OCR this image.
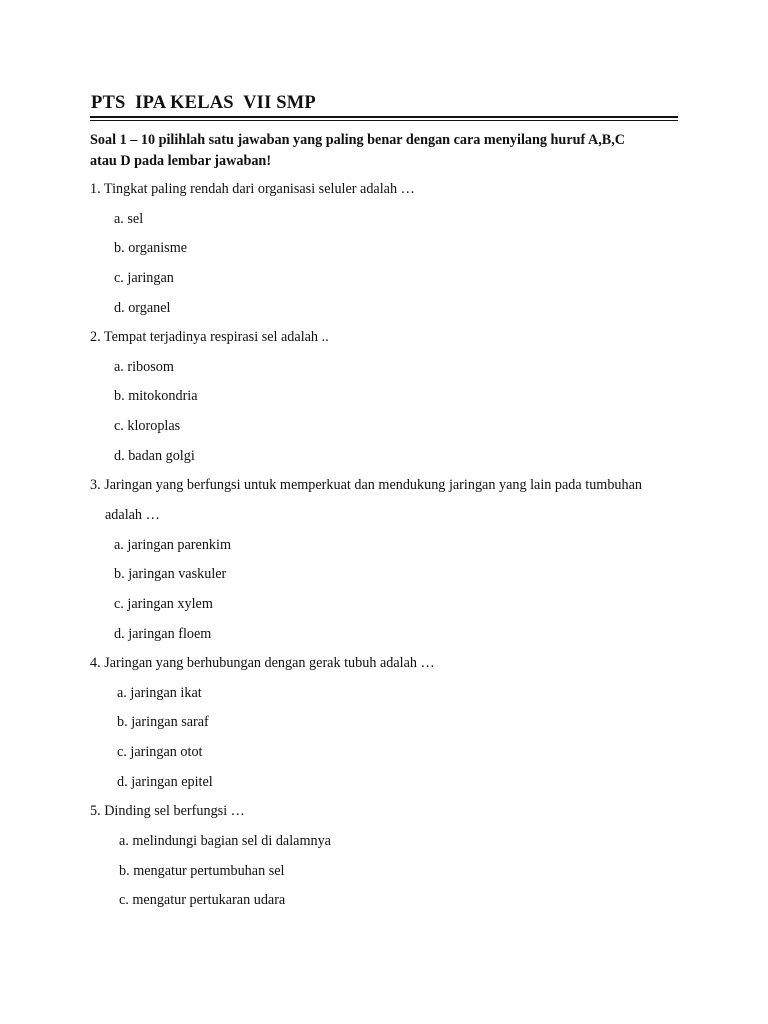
PTS  IPA KELAS  VII SMP

Soal 1 – 10 pilihlah satu jawaban yang paling benar dengan cara menyilang huruf A,B,C

atau D pada lembar jawaban!

1. Tingkat paling rendah dari organisasi seluler adalah …

a. sel

b. organisme

c. jaringan

d. organel

2. Tempat terjadinya respirasi sel adalah ..

a. ribosom

b. mitokondria

c. kloroplas

d. badan golgi

3. Jaringan yang berfungsi untuk memperkuat dan mendukung jaringan yang lain pada tumbuhan

adalah …

a. jaringan parenkim

b. jaringan vaskuler

c. jaringan xylem

d. jaringan floem

4. Jaringan yang berhubungan dengan gerak tubuh adalah …

a. jaringan ikat

b. jaringan saraf

c. jaringan otot

d. jaringan epitel

5. Dinding sel berfungsi …

a. melindungi bagian sel di dalamnya

b. mengatur pertumbuhan sel

c. mengatur pertukaran udara
